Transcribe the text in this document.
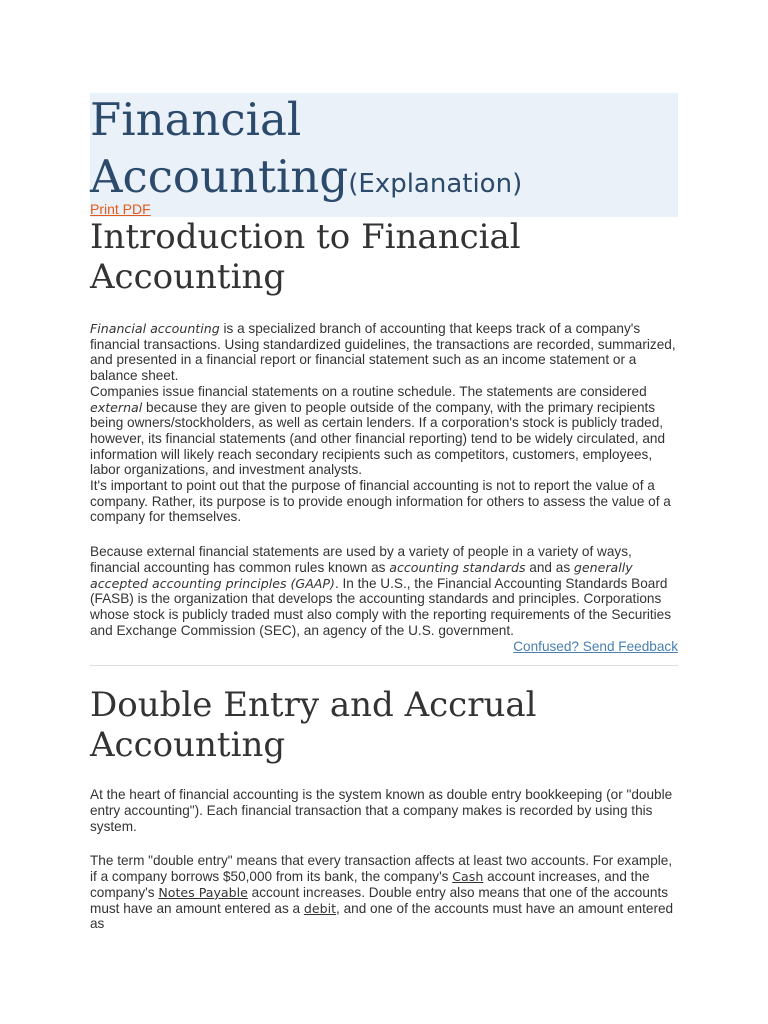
Financial Accounting(Explanation)
Print PDF
Introduction to Financial Accounting

Financial accounting is a specialized branch of accounting that keeps track of a company's financial transactions. Using standardized guidelines, the transactions are recorded, summarized, and presented in a financial report or financial statement such as an income statement or a balance sheet.

Companies issue financial statements on a routine schedule. The statements are considered external because they are given to people outside of the company, with the primary recipients being owners/stockholders, as well as certain lenders. If a corporation's stock is publicly traded, however, its financial statements (and other financial reporting) tend to be widely circulated, and information will likely reach secondary recipients such as competitors, customers, employees, labor organizations, and investment analysts.

It's important to point out that the purpose of financial accounting is not to report the value of a company. Rather, its purpose is to provide enough information for others to assess the value of a company for themselves.

Because external financial statements are used by a variety of people in a variety of ways, financial accounting has common rules known as accounting standards and as generally accepted accounting principles (GAAP). In the U.S., the Financial Accounting Standards Board (FASB) is the organization that develops the accounting standards and principles. Corporations whose stock is publicly traded must also comply with the reporting requirements of the Securities and Exchange Commission (SEC), an agency of the U.S. government.

Confused? Send Feedback
Double Entry and Accrual Accounting

At the heart of financial accounting is the system known as double entry bookkeeping (or "double entry accounting"). Each financial transaction that a company makes is recorded by using this system.

The term "double entry" means that every transaction affects at least two accounts. For example, if a company borrows $50,000 from its bank, the company's Cash account increases, and the company's Notes Payable account increases. Double entry also means that one of the accounts must have an amount entered as a debit, and one of the accounts must have an amount entered as
